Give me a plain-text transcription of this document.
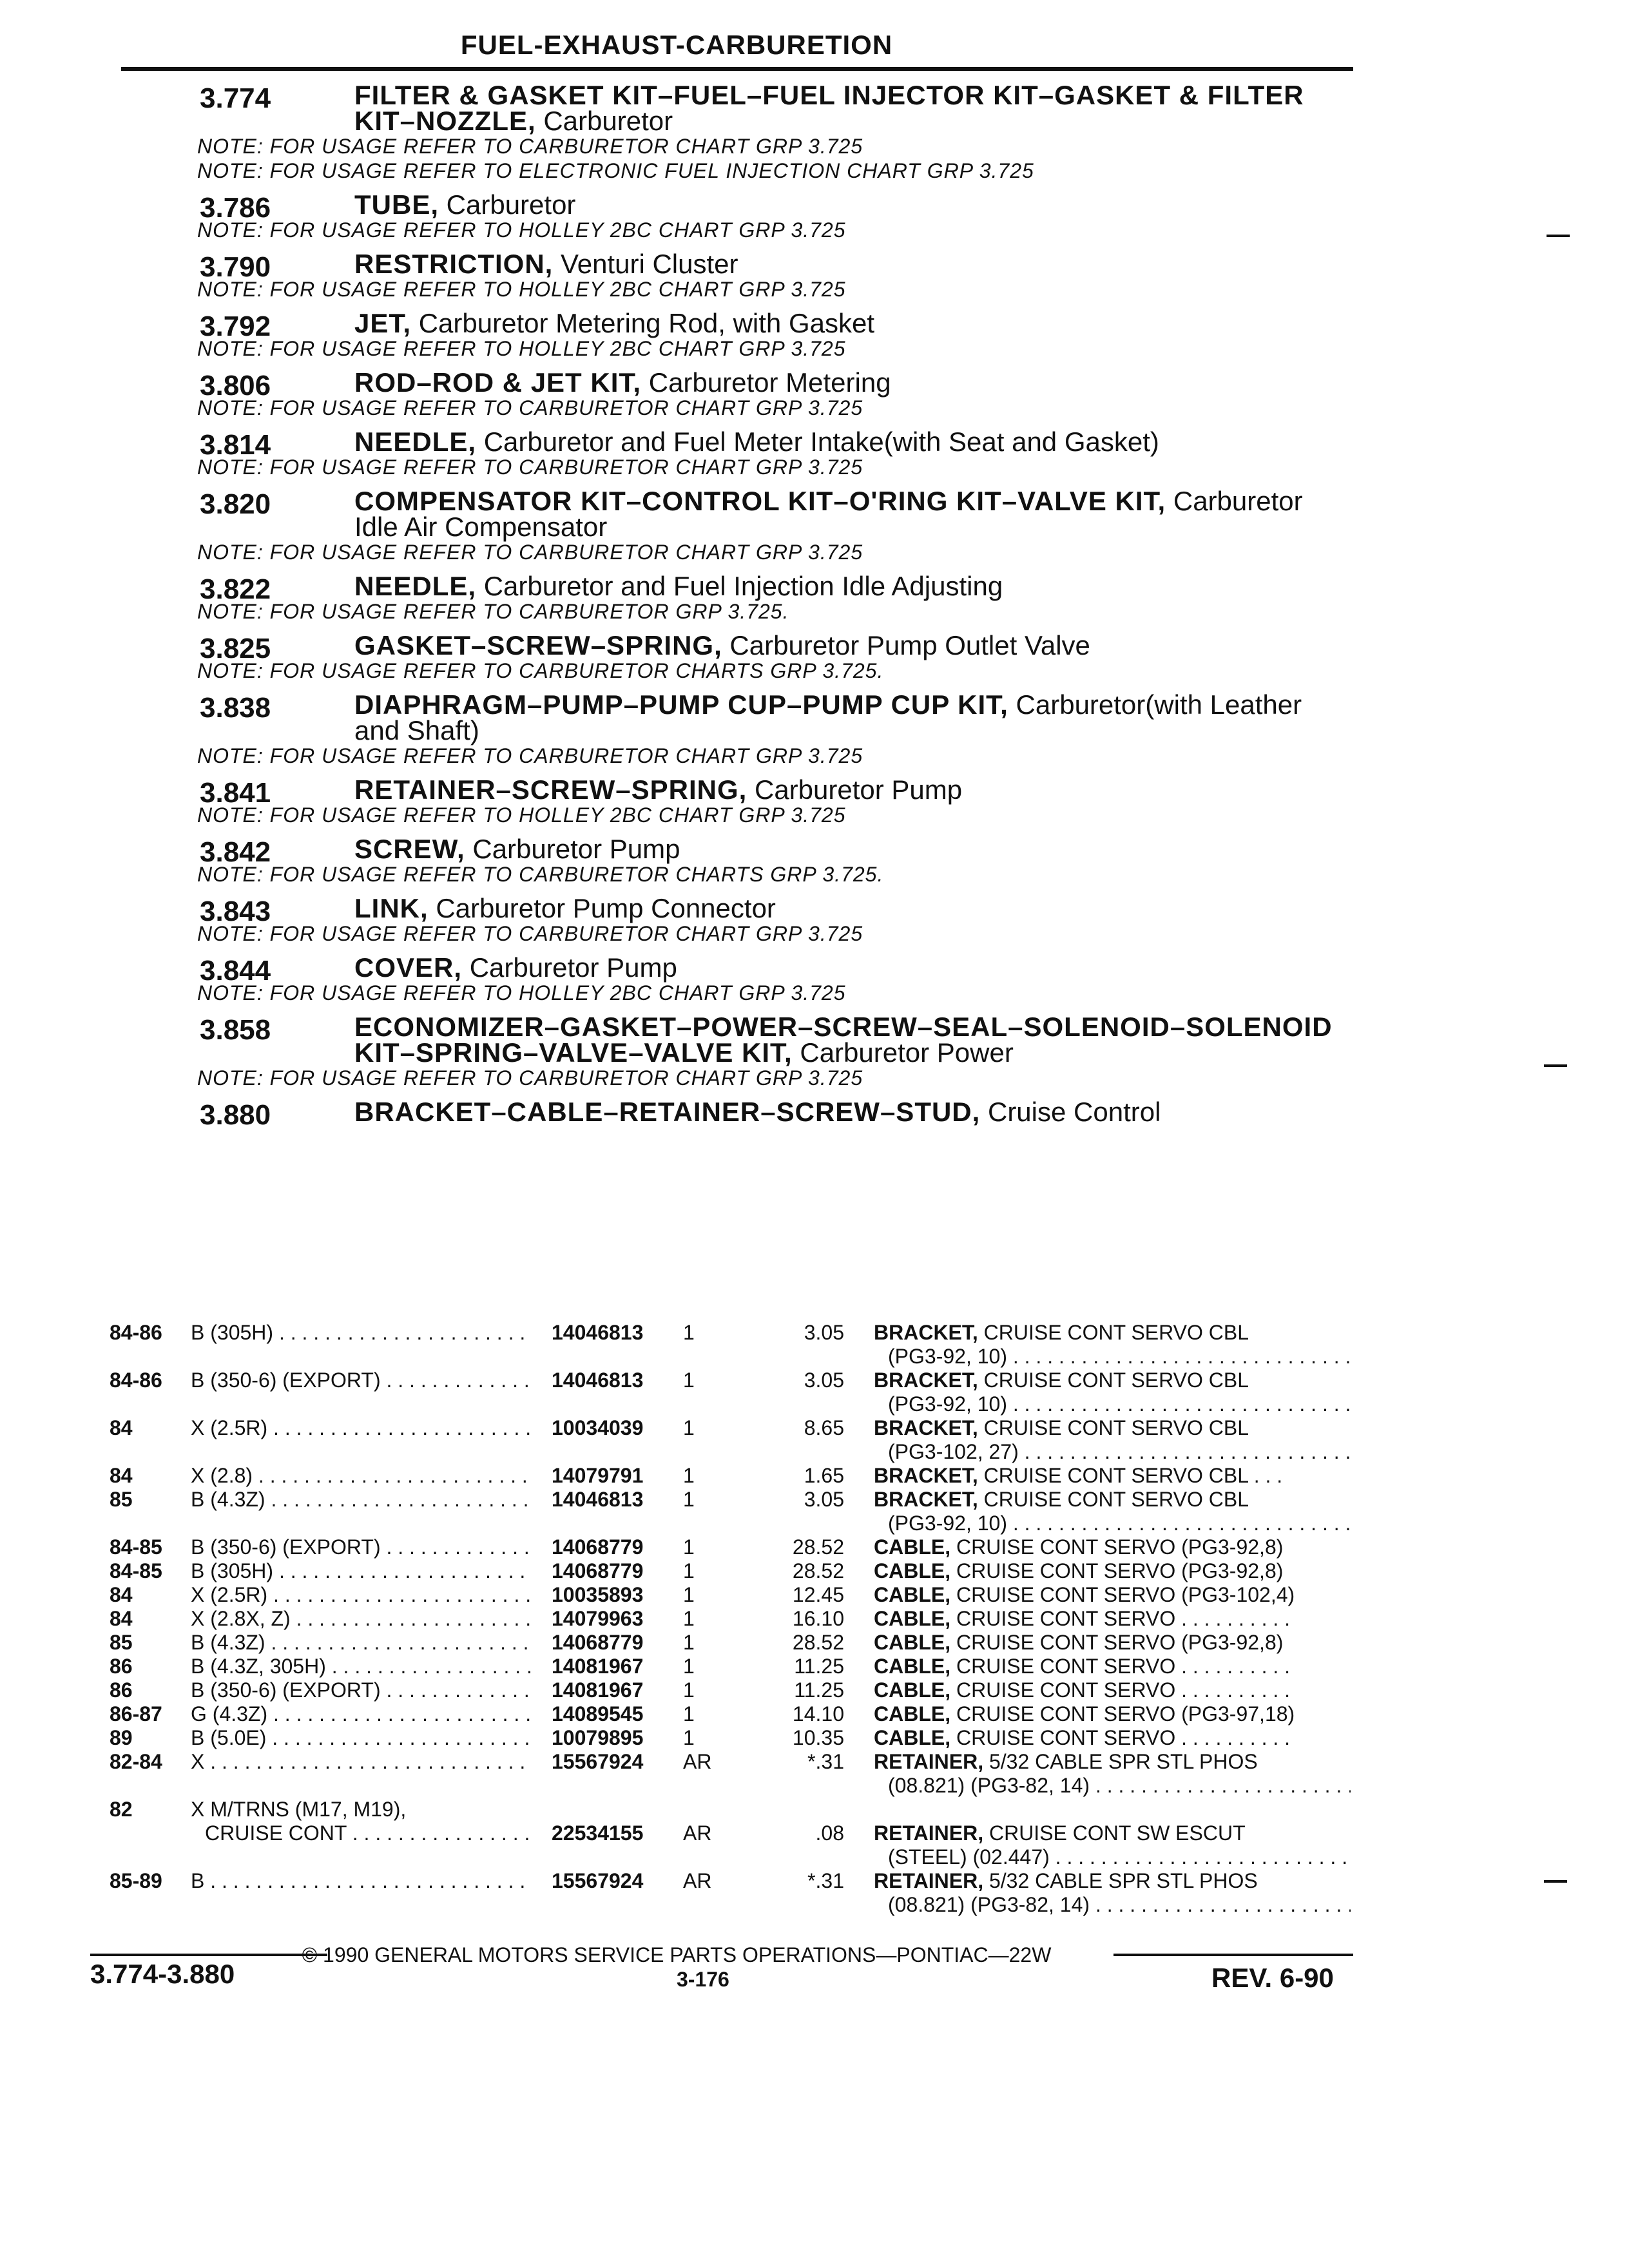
FUEL-EXHAUST-CARBURETION
3.774	FILTER & GASKET KIT–FUEL–FUEL INJECTOR KIT–GASKET & FILTER KIT–NOZZLE, Carburetor
NOTE: FOR USAGE REFER TO CARBURETOR CHART GRP 3.725
NOTE: FOR USAGE REFER TO ELECTRONIC FUEL INJECTION CHART GRP 3.725
3.786	TUBE, Carburetor
NOTE: FOR USAGE REFER TO HOLLEY 2BC CHART GRP 3.725
3.790	RESTRICTION, Venturi Cluster
NOTE: FOR USAGE REFER TO HOLLEY 2BC CHART GRP 3.725
3.792	JET, Carburetor Metering Rod, with Gasket
NOTE: FOR USAGE REFER TO HOLLEY 2BC CHART GRP 3.725
3.806	ROD–ROD & JET KIT, Carburetor Metering
NOTE: FOR USAGE REFER TO CARBURETOR CHART GRP 3.725
3.814	NEEDLE, Carburetor and Fuel Meter Intake(with Seat and Gasket)
NOTE: FOR USAGE REFER TO CARBURETOR CHART GRP 3.725
3.820	COMPENSATOR KIT–CONTROL KIT–O'RING KIT–VALVE KIT, Carburetor Idle Air Compensator
NOTE: FOR USAGE REFER TO CARBURETOR CHART GRP 3.725
3.822	NEEDLE, Carburetor and Fuel Injection Idle Adjusting
NOTE: FOR USAGE REFER TO CARBURETOR GRP 3.725.
3.825	GASKET–SCREW–SPRING, Carburetor Pump Outlet Valve
NOTE: FOR USAGE REFER TO CARBURETOR CHARTS GRP 3.725.
3.838	DIAPHRAGM–PUMP–PUMP CUP–PUMP CUP KIT, Carburetor(with Leather and Shaft)
NOTE: FOR USAGE REFER TO CARBURETOR CHART GRP 3.725
3.841	RETAINER–SCREW–SPRING, Carburetor Pump
NOTE: FOR USAGE REFER TO HOLLEY 2BC CHART GRP 3.725
3.842	SCREW, Carburetor Pump
NOTE: FOR USAGE REFER TO CARBURETOR CHARTS GRP 3.725.
3.843	LINK, Carburetor Pump Connector
NOTE: FOR USAGE REFER TO CARBURETOR CHART GRP 3.725
3.844	COVER, Carburetor Pump
NOTE: FOR USAGE REFER TO HOLLEY 2BC CHART GRP 3.725
3.858	ECONOMIZER–GASKET–POWER–SCREW–SEAL–SOLENOID–SOLENOID KIT–SPRING–VALVE–VALVE KIT, Carburetor Power
NOTE: FOR USAGE REFER TO CARBURETOR CHART GRP 3.725
3.880	BRACKET–CABLE–RETAINER–SCREW–STUD, Cruise Control
84-86 B (305H) . . .	14046813 1	3.05 BRACKET, CRUISE CONT SERVO CBL
(PG3-92, 10) . . .
84-86 B (350-6) (EXPORT) . . .	14046813 1	3.05 BRACKET, CRUISE CONT SERVO CBL
(PG3-92, 10) . . .
84	X (2.5R) . . .	10034039 1	8.65 BRACKET, CRUISE CONT SERVO CBL
(PG3-102, 27) . . .
84	X (2.8) . . .	14079791 1	1.65 BRACKET, CRUISE CONT SERVO CBL . . .
85	B (4.3Z) . . .	14046813 1	3.05 BRACKET, CRUISE CONT SERVO CBL
(PG3-92, 10) . . .
84-85 B (350-6) (EXPORT) . . .	14068779 1	28.52 CABLE, CRUISE CONT SERVO (PG3-92,8)
84-85 B (305H) . . .	14068779 1	28.52 CABLE, CRUISE CONT SERVO (PG3-92,8)
84	X (2.5R) . . .	10035893 1	12.45 CABLE, CRUISE CONT SERVO (PG3-102,4)
84	X (2.8X, Z) . . .	14079963 1	16.10 CABLE, CRUISE CONT SERVO . . . . . . . . . .
85	B (4.3Z) . . .	14068779 1	28.52 CABLE, CRUISE CONT SERVO (PG3-92,8)
86	B (4.3Z, 305H) . . .	14081967 1	11.25 CABLE, CRUISE CONT SERVO . . . . . . . . . .
86	B (350-6) (EXPORT) . . .	14081967 1	11.25 CABLE, CRUISE CONT SERVO . . . . . . . . . .
86-87 G (4.3Z) . . .	14089545 1	14.10 CABLE, CRUISE CONT SERVO (PG3-97,18)
89	B (5.0E) . . .	10079895 1	10.35 CABLE, CRUISE CONT SERVO . . . . . . . . . .
82-84 X . . .	15567924 AR	*.31 RETAINER, 5/32 CABLE SPR STL PHOS
(08.821) (PG3-82, 14) . . .
82	X M/TRNS (M17, M19),
CRUISE CONT . . .	22534155 AR	.08 RETAINER, CRUISE CONT SW ESCUT
(STEEL) (02.447) . . .
85-89 B . . .	15567924 AR	*.31 RETAINER, 5/32 CABLE SPR STL PHOS
(08.821) (PG3-82, 14) . . .
© 1990 GENERAL MOTORS SERVICE PARTS OPERATIONS—PONTIAC—22W
3.774-3.880	3-176	REV. 6-90
